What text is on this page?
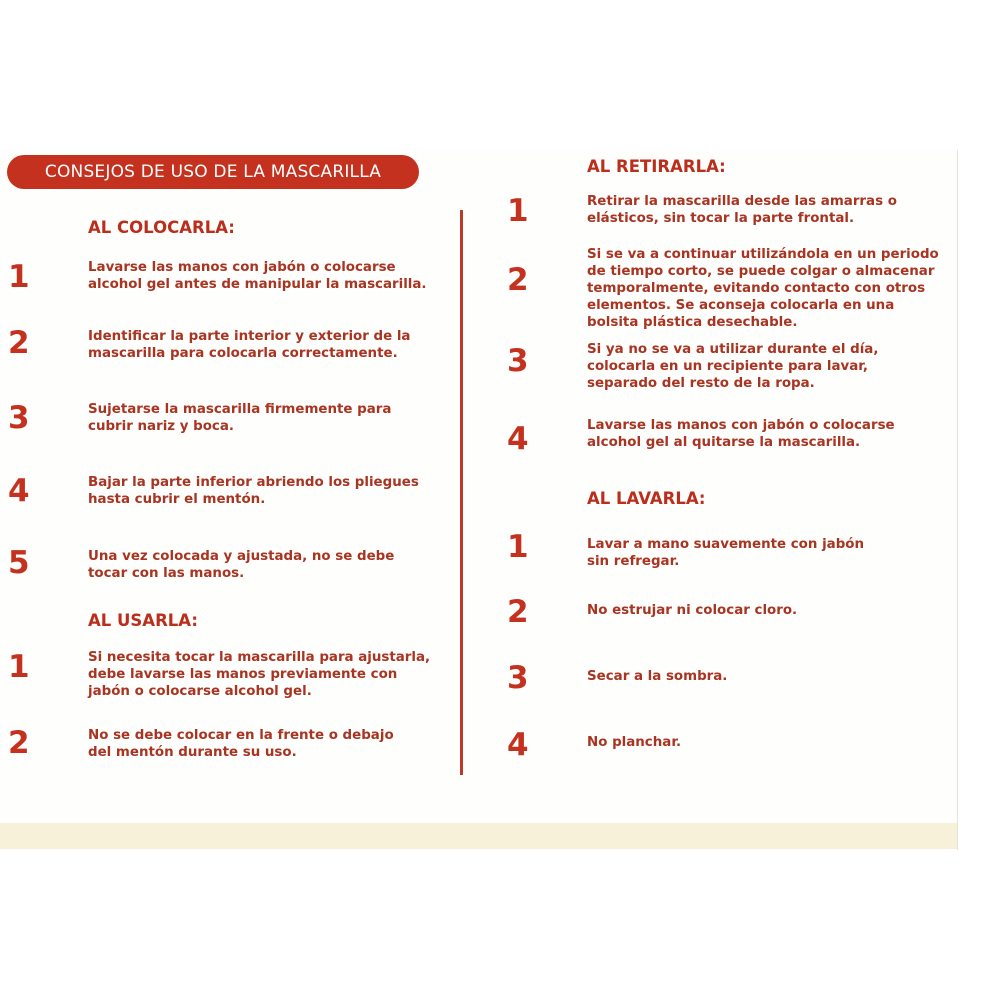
CONSEJOS DE USO DE LA MASCARILLA
AL COLOCARLA:
1	Lavarse las manos con jabón o colocarse
alcohol gel antes de manipular la mascarilla.
2	Identificar la parte interior y exterior de la
mascarilla para colocarla correctamente.
3	Sujetarse la mascarilla firmemente para
cubrir nariz y boca.
4	Bajar la parte inferior abriendo los pliegues
hasta cubrir el mentón.
5	Una vez colocada y ajustada, no se debe
tocar con las manos.
AL USARLA:
1	Si necesita tocar la mascarilla para ajustarla,
debe lavarse las manos previamente con
jabón o colocarse alcohol gel.
2	No se debe colocar en la frente o debajo
del mentón durante su uso.
AL RETIRARLA:
1	Retirar la mascarilla desde las amarras o
elásticos, sin tocar la parte frontal.
2
Si se va a continuar utilizándola en un periodo
de tiempo corto, se puede colgar o almacenar
temporalmente, evitando contacto con otros
elementos. Se aconseja colocarla en una
bolsita plástica desechable.
3	Si ya no se va a utilizar durante el día,
colocarla en un recipiente para lavar,
separado del resto de la ropa.
4	Lavarse las manos con jabón o colocarse
alcohol gel al quitarse la mascarilla.
AL LAVARLA:
1	Lavar a mano suavemente con jabón
sin refregar.
2	No estrujar ni colocar cloro.
3	Secar a la sombra.
4	No planchar.
